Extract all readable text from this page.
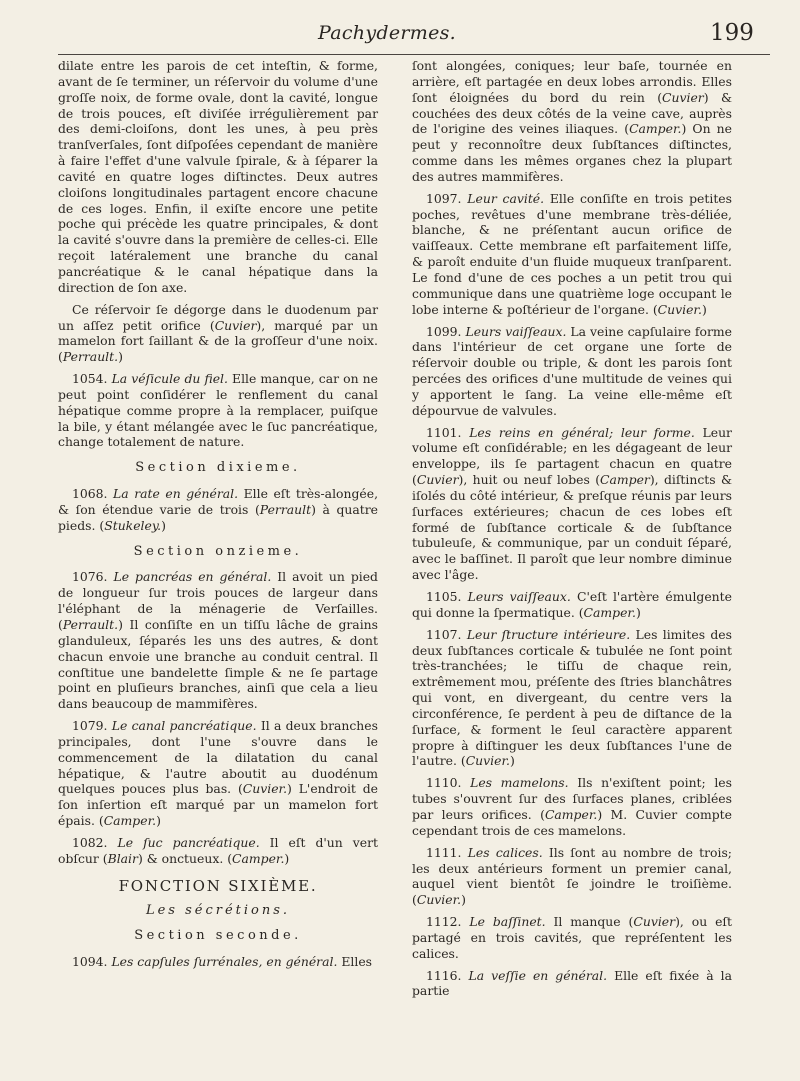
Pachydermes.	199

dilate entre les parois de cet inteſtin, & forme, avant de ſe terminer, un réſervoir du volume d'une groſſe noix, de forme ovale, dont la cavité, longue de trois pouces, eſt diviſée irrégulièrement par des demi-cloiſons, dont les unes, à peu près tranſverſales, ſont diſpoſées cependant de manière à faire l'effet d'une valvule ſpirale, & à ſéparer la cavité en quatre loges diſtinctes. Deux autres cloiſons longitudinales partagent encore chacune de ces loges. Enfin, il exiſte encore une petite poche qui précède les quatre principales, & dont la cavité s'ouvre dans la première de celles-ci. Elle reçoit latéralement une branche du canal pancréatique & le canal hépatique dans la direction de ſon axe.

Ce réſervoir ſe dégorge dans le duodenum par un aſſez petit orifice (Cuvier), marqué par un mamelon fort ſaillant & de la groſſeur d'une noix. (Perrault.)

1054. La véſicule du fiel. Elle manque, car on ne peut point conſidérer le renflement du canal hépatique comme propre à la remplacer, puiſque la bile, y étant mélangée avec le ſuc pancréatique, change totalement de nature.

Section dixieme.

1068. La rate en général. Elle eſt très-alongée, & ſon étendue varie de trois (Perrault) à quatre pieds. (Stukeley.)

Section onzieme.

1076. Le pancréas en général. Il avoit un pied de longueur ſur trois pouces de largeur dans l'éléphant de la ménagerie de Verſailles. (Perrault.) Il conſiſte en un tiſſu lâche de grains glanduleux, ſéparés les uns des autres, & dont chacun envoie une branche au conduit central. Il conſtitue une bandelette ſimple & ne ſe partage point en pluſieurs branches, ainſi que cela a lieu dans beaucoup de mammifères.

1079. Le canal pancréatique. Il a deux branches principales, dont l'une s'ouvre dans le commencement de la dilatation du canal hépatique, & l'autre aboutit au duodénum quelques pouces plus bas. (Cuvier.) L'endroit de ſon inſertion eſt marqué par un mamelon fort épais. (Camper.)

1082. Le ſuc pancréatique. Il eſt d'un vert obſcur (Blair) & onctueux. (Camper.)

FONCTION SIXIÈME.
Les sécrétions.
Section seconde.

1094. Les capſules ſurrénales, en général. Elles

ſont alongées, coniques; leur baſe, tournée en arrière, eſt partagée en deux lobes arrondis. Elles ſont éloignées du bord du rein (Cuvier) & couchées des deux côtés de la veine cave, auprès de l'origine des veines iliaques. (Camper.) On ne peut y reconnoître deux ſubſtances diſtinctes, comme dans les mêmes organes chez la plupart des autres mammifères.

1097. Leur cavité. Elle conſiſte en trois petites poches, revêtues d'une membrane très-déliée, blanche, & ne préſentant aucun orifice de vaiſſeaux. Cette membrane eſt parfaitement liſſe, & paroît enduite d'un fluide muqueux tranſparent. Le fond d'une de ces poches a un petit trou qui communique dans une quatrième loge occupant le lobe interne & poſtérieur de l'organe. (Cuvier.)

1099. Leurs vaiſſeaux. La veine capſulaire forme dans l'intérieur de cet organe une ſorte de réſervoir double ou triple, & dont les parois ſont percées des orifices d'une multitude de veines qui y apportent le ſang. La veine elle-même eſt dépourvue de valvules.

1101. Les reins en général; leur forme. Leur volume eſt conſidérable; en les dégageant de leur enveloppe, ils ſe partagent chacun en quatre (Cuvier), huit ou neuf lobes (Camper), diſtincts & iſolés du côté intérieur, & preſque réunis par leurs ſurfaces extérieures; chacun de ces lobes eſt formé de ſubſtance corticale & de ſubſtance tubuleuſe, & communique, par un conduit ſéparé, avec le baſſinet. Il paroît que leur nombre diminue avec l'âge.

1105. Leurs vaiſſeaux. C'eſt l'artère émulgente qui donne la ſpermatique. (Camper.)

1107. Leur ſtructure intérieure. Les limites des deux ſubſtances corticale & tubulée ne ſont point très-tranchées; le tiſſu de chaque rein, extrêmement mou, préſente des ſtries blanchâtres qui vont, en divergeant, du centre vers la circonférence, ſe perdent à peu de diſtance de la ſurface, & forment le ſeul caractère apparent propre à diſtinguer les deux ſubſtances l'une de l'autre. (Cuvier.)

1110. Les mamelons. Ils n'exiſtent point; les tubes s'ouvrent ſur des ſurfaces planes, criblées par leurs orifices. (Camper.) M. Cuvier compte cependant trois de ces mamelons.

1111. Les calices. Ils ſont au nombre de trois; les deux antérieurs forment un premier canal, auquel vient bientôt ſe joindre le troiſième. (Cuvier.)

1112. Le baſſinet. Il manque (Cuvier), ou eſt partagé en trois cavités, que repréſentent les calices.

1116. La veſſie en général. Elle eſt fixée à la partie
